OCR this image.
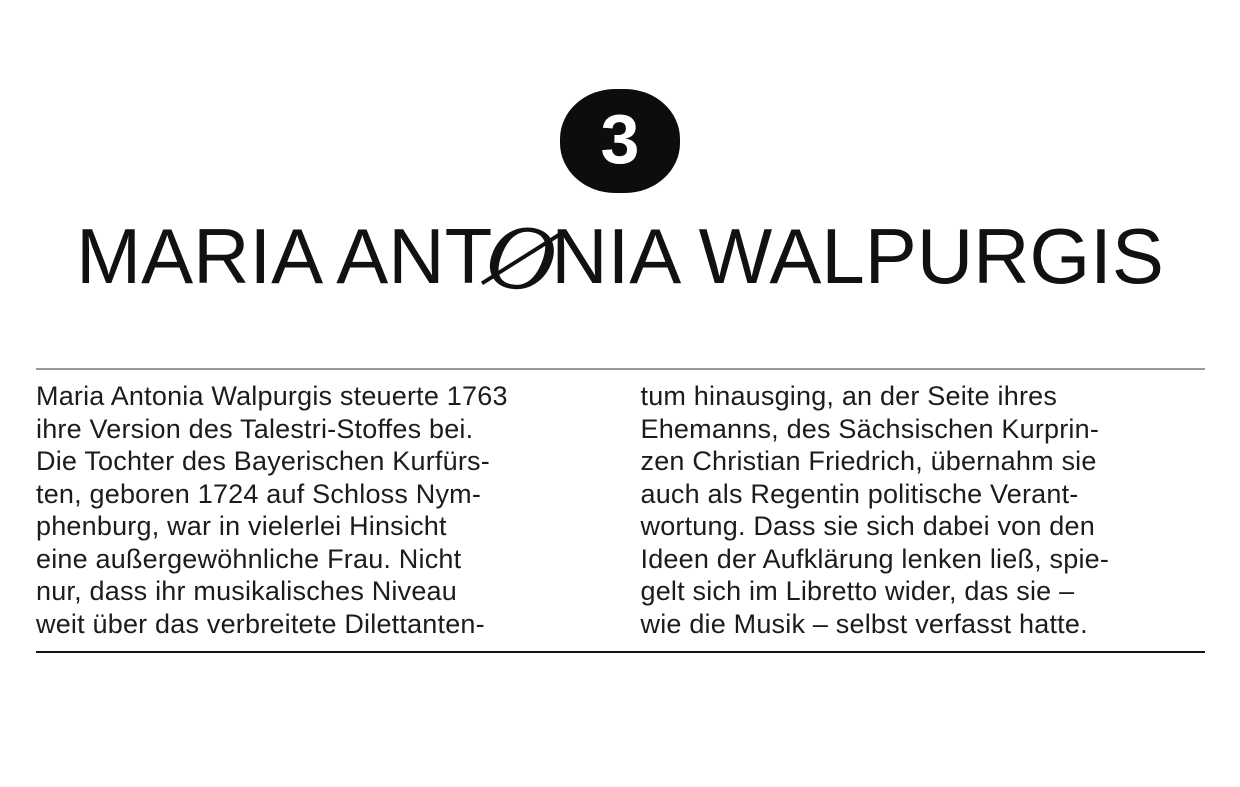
3
MARIA ANTØNIA WALPURGIS
Maria Antonia Walpurgis steuerte 1763
ihre Version des Talestri-Stoffes bei.
Die Tochter des Bayerischen Kurfürs-
ten, geboren 1724 auf Schloss Nym-
phenburg, war in vielerlei Hinsicht
eine außergewöhnliche Frau. Nicht
nur, dass ihr musikalisches Niveau
weit über das verbreitete Dilettanten-
tum hinausging, an der Seite ihres
Ehemanns, des Sächsischen Kurprin-
zen Christian Friedrich, übernahm sie
auch als Regentin politische Verant-
wortung. Dass sie sich dabei von den
Ideen der Aufklärung lenken ließ, spie-
gelt sich im Libretto wider, das sie –
wie die Musik – selbst verfasst hatte.
